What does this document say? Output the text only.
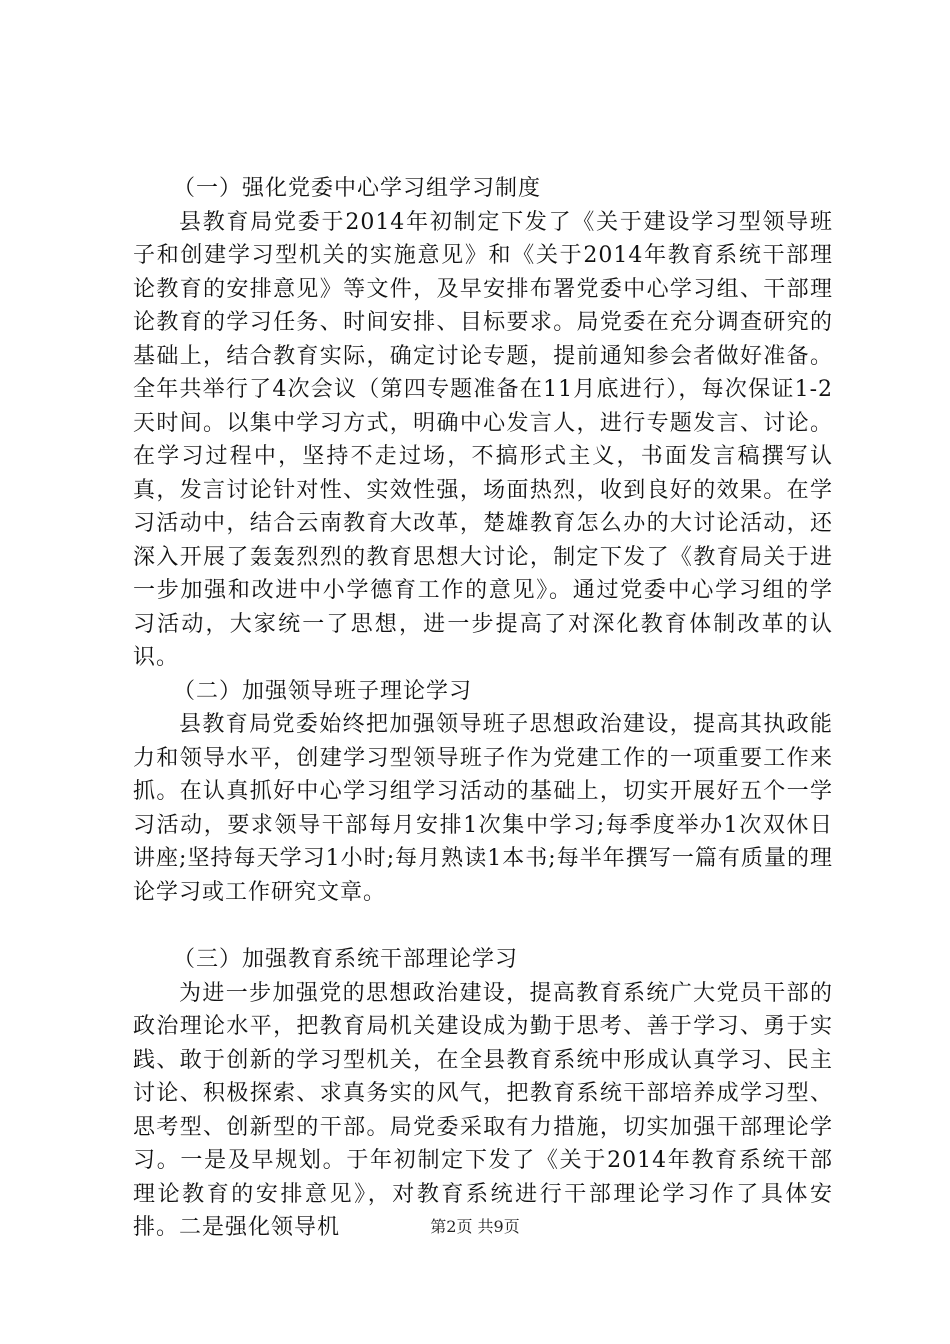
（一）强化党委中心学习组学习制度

县教育局党委于2014年初制定下发了《关于建设学习型领导班子和创建学习型机关的实施意见》和《关于2014年教育系统干部理论教育的安排意见》等文件，及早安排布署党委中心学习组、干部理论教育的学习任务、时间安排、目标要求。局党委在充分调查研究的基础上，结合教育实际，确定讨论专题，提前通知参会者做好准备。全年共举行了4次会议（第四专题准备在11月底进行），每次保证1-2天时间。以集中学习方式，明确中心发言人，进行专题发言、讨论。在学习过程中，坚持不走过场，不搞形式主义，书面发言稿撰写认真，发言讨论针对性、实效性强，场面热烈，收到良好的效果。在学习活动中，结合云南教育大改革，楚雄教育怎么办的大讨论活动，还深入开展了轰轰烈烈的教育思想大讨论，制定下发了《教育局关于进一步加强和改进中小学德育工作的意见》。通过党委中心学习组的学习活动，大家统一了思想，进一步提高了对深化教育体制改革的认识。

（二）加强领导班子理论学习

县教育局党委始终把加强领导班子思想政治建设，提高其执政能力和领导水平，创建学习型领导班子作为党建工作的一项重要工作来抓。在认真抓好中心学习组学习活动的基础上，切实开展好五个一学习活动，要求领导干部每月安排1次集中学习;每季度举办1次双休日讲座;坚持每天学习1小时;每月熟读1本书;每半年撰写一篇有质量的理论学习或工作研究文章。

（三）加强教育系统干部理论学习

为进一步加强党的思想政治建设，提高教育系统广大党员干部的政治理论水平，把教育局机关建设成为勤于思考、善于学习、勇于实践、敢于创新的学习型机关，在全县教育系统中形成认真学习、民主讨论、积极探索、求真务实的风气，把教育系统干部培养成学习型、思考型、创新型的干部。局党委采取有力措施，切实加强干部理论学习。一是及早规划。于年初制定下发了《关于2014年教育系统干部理论教育的安排意见》，对教育系统进行干部理论学习作了具体安排。二是强化领导机	第2页 共9页
